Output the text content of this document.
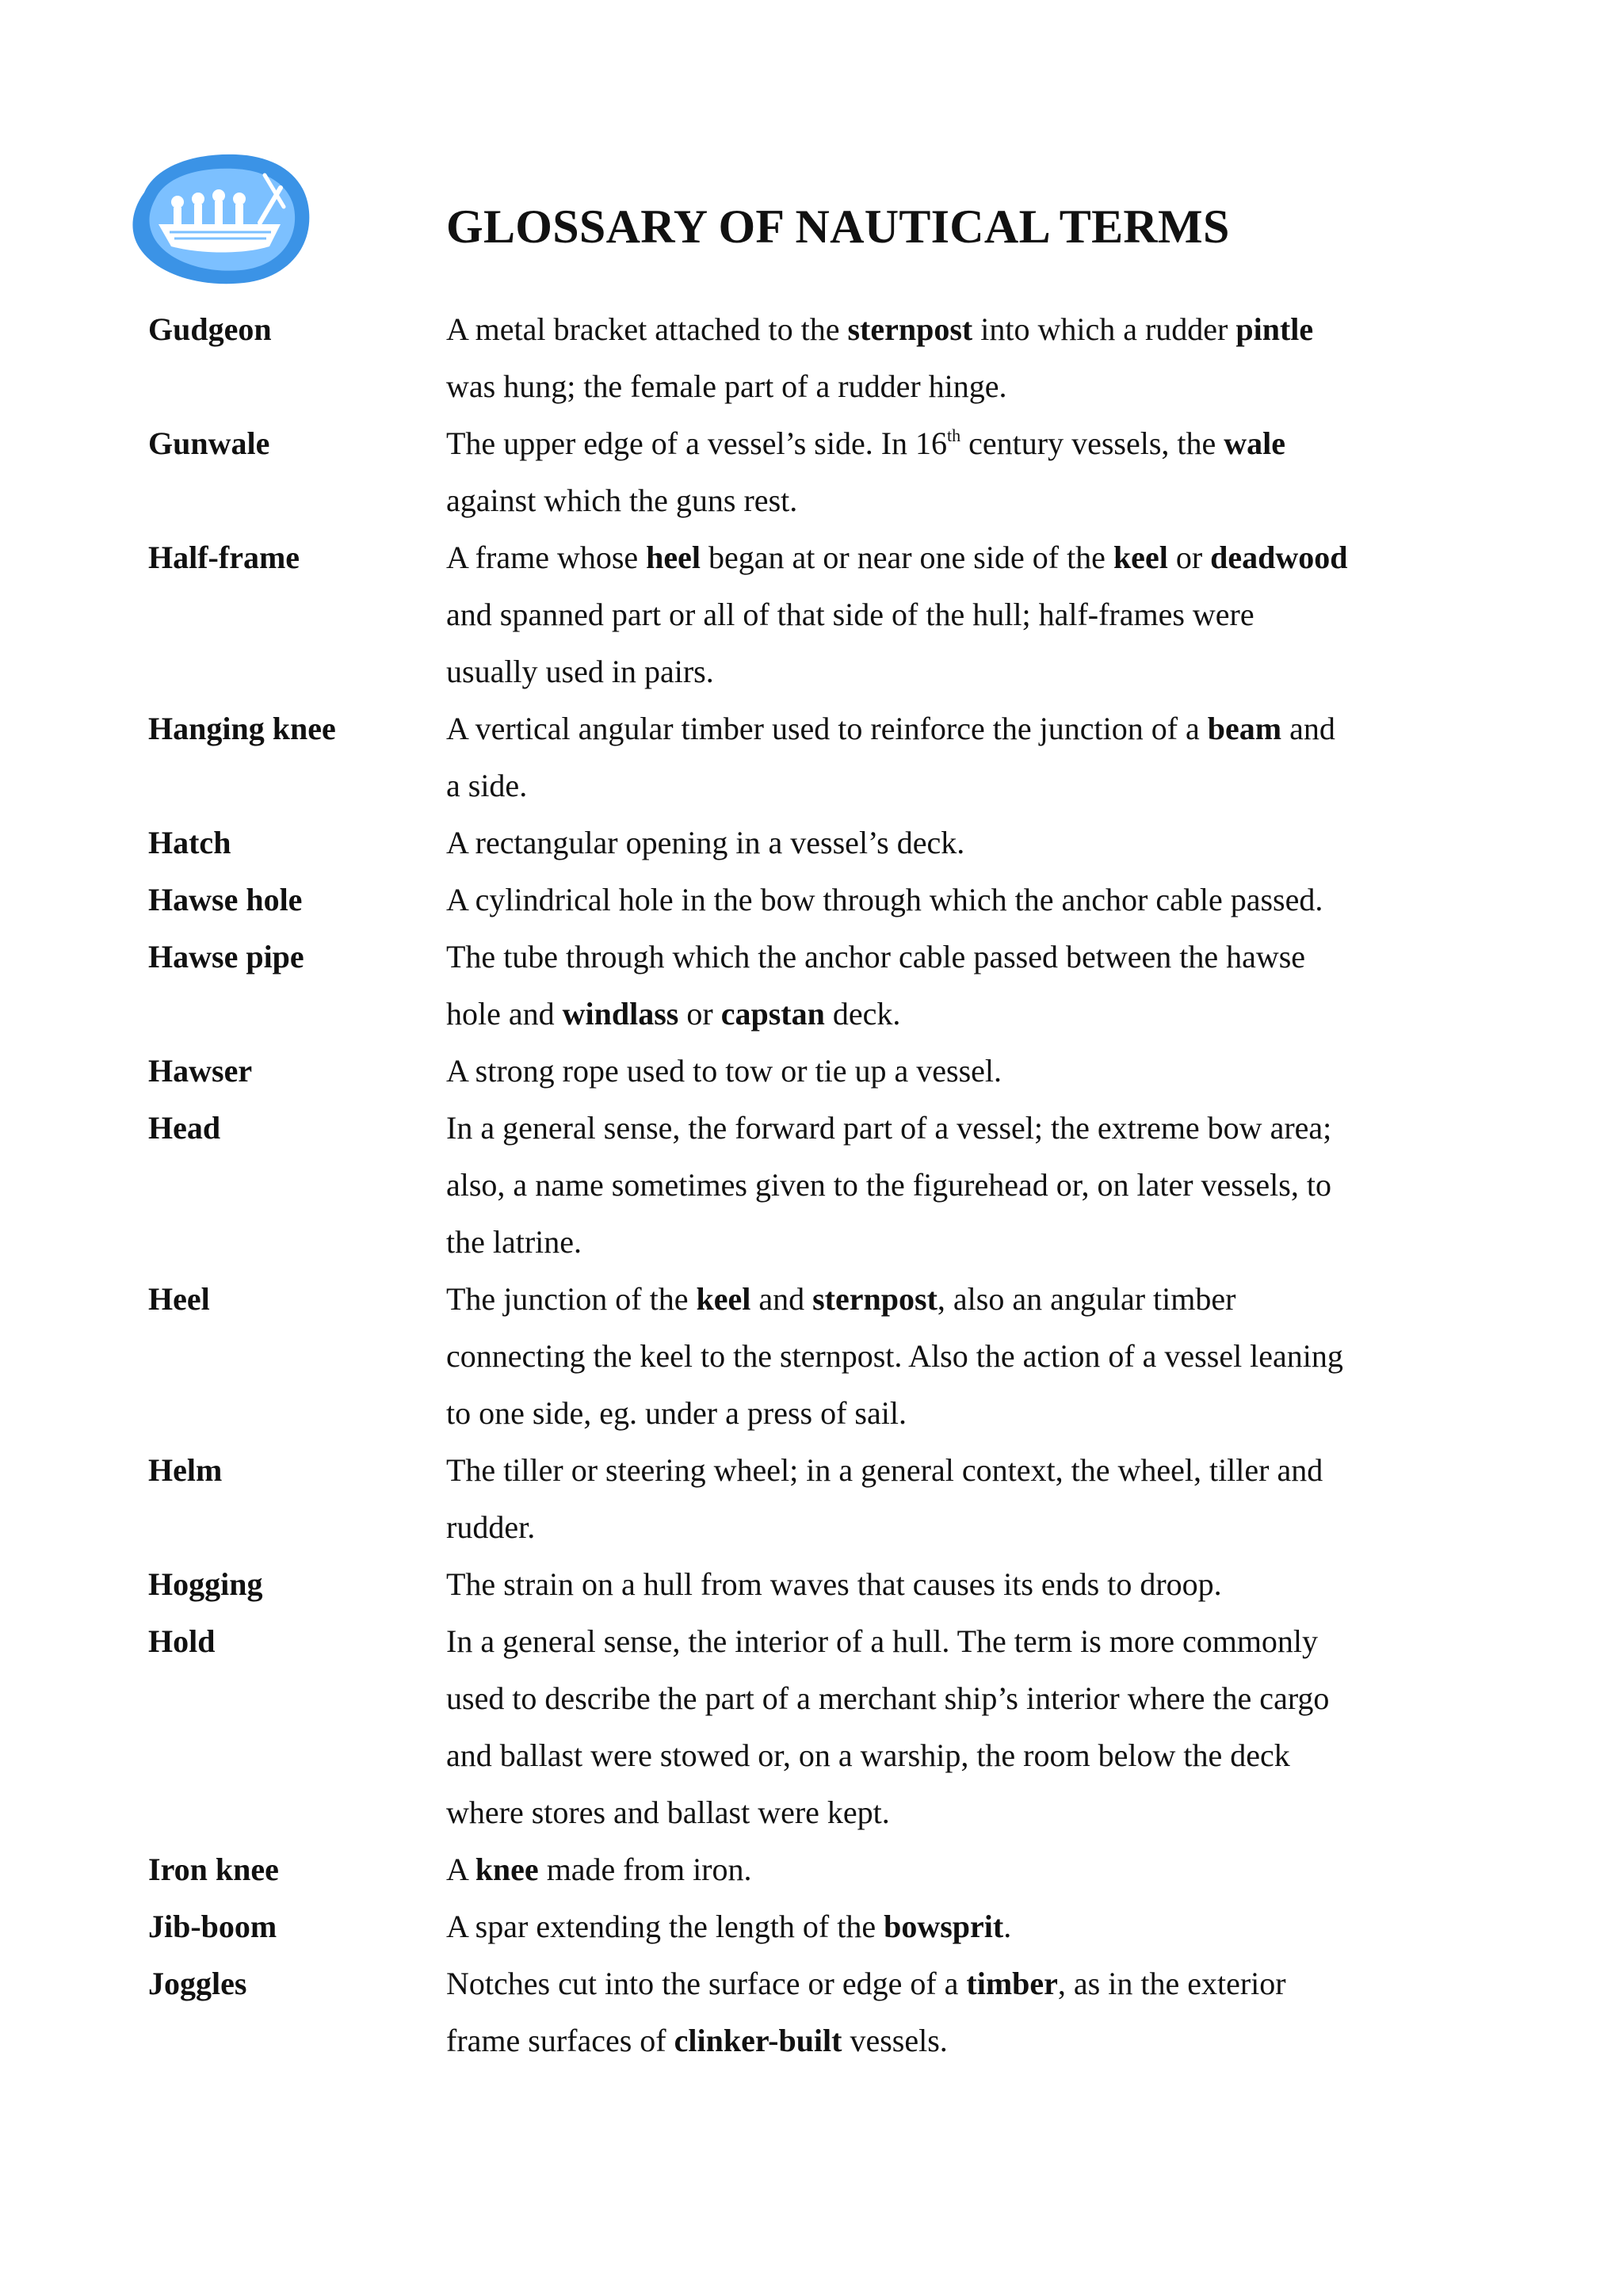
GLOSSARY OF NAUTICAL TERMS
Gudgeon	A metal bracket attached to the sternpost into which a rudder pintle
was hung; the female part of a rudder hinge.
Gunwale	The upper edge of a vessel’s side. In 16th century vessels, the wale
against which the guns rest.
Half-frame	A frame whose heel began at or near one side of the keel or deadwood
and spanned part or all of that side of the hull; half-frames were
usually used in pairs.
Hanging knee	A vertical angular timber used to reinforce the junction of a beam and
a side.
Hatch	A rectangular opening in a vessel’s deck.
Hawse hole	A cylindrical hole in the bow through which the anchor cable passed.
Hawse pipe	The tube through which the anchor cable passed between the hawse
hole and windlass or capstan deck.
Hawser	A strong rope used to tow or tie up a vessel.
Head	In a general sense, the forward part of a vessel; the extreme bow area;
also, a name sometimes given to the figurehead or, on later vessels, to
the latrine.
Heel	The junction of the keel and sternpost, also an angular timber
connecting the keel to the sternpost. Also the action of a vessel leaning
to one side, eg. under a press of sail.
Helm	The tiller or steering wheel; in a general context, the wheel, tiller and
rudder.
Hogging	The strain on a hull from waves that causes its ends to droop.
Hold	In a general sense, the interior of a hull. The term is more commonly
used to describe the part of a merchant ship’s interior where the cargo
and ballast were stowed or, on a warship, the room below the deck
where stores and ballast were kept.
Iron knee	A knee made from iron.
Jib-boom	A spar extending the length of the bowsprit.
Joggles	Notches cut into the surface or edge of a timber, as in the exterior
frame surfaces of clinker-built vessels.
